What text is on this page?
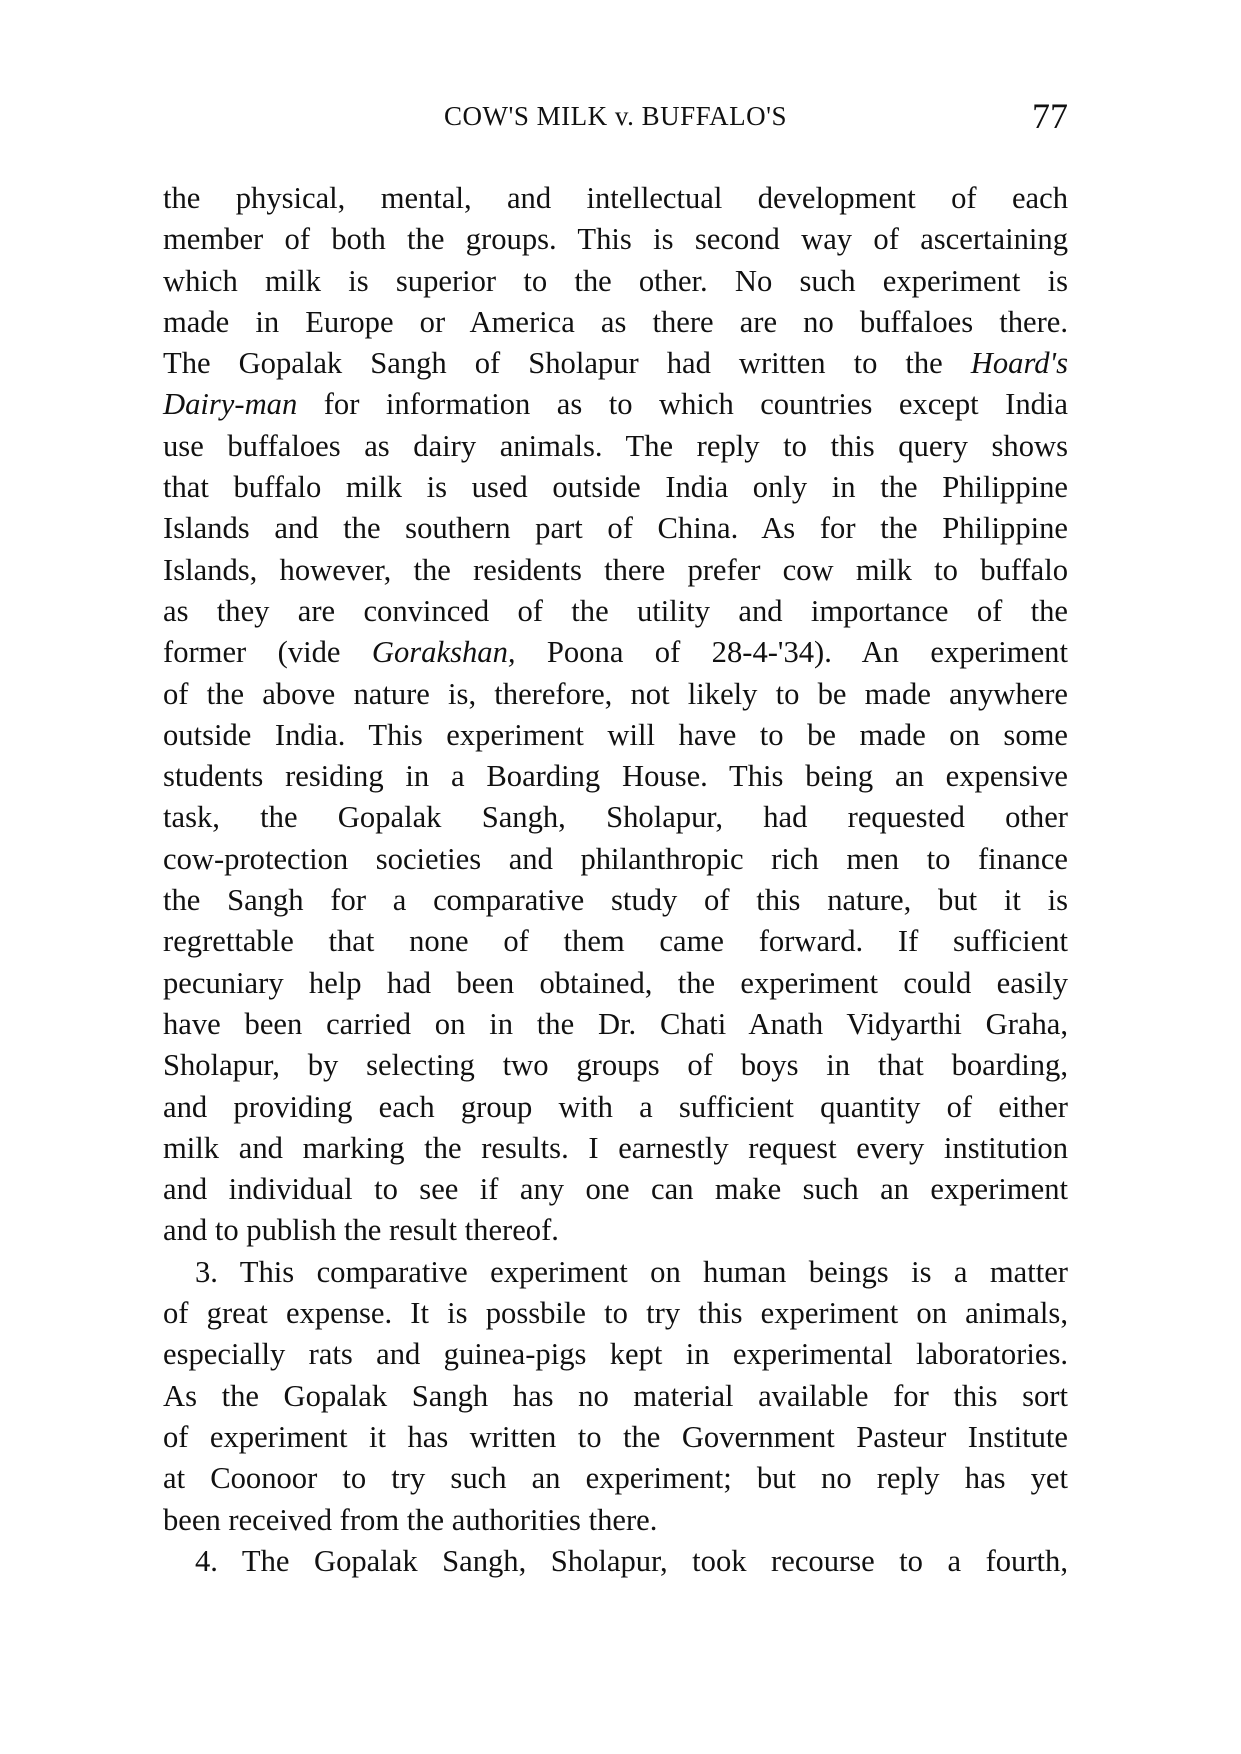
COW'S MILK v. BUFFALO'S	77
the physical, mental, and intellectual development of each
member of both the groups. This is second way of ascertaining
which milk is superior to the other. No such experiment is
made in Europe or America as there are no buffaloes there.
The Gopalak Sangh of Sholapur had written to the Hoard's
Dairy-man for information as to which countries except India
use buffaloes as dairy animals. The reply to this query shows
that buffalo milk is used outside India only in the Philippine
Islands and the southern part of China. As for the Philippine
Islands, however, the residents there prefer cow milk to buffalo
as they are convinced of the utility and importance of the
former (vide Gorakshan, Poona of 28-4-'34). An experiment
of the above nature is, therefore, not likely to be made anywhere
outside India. This experiment will have to be made on some
students residing in a Boarding House. This being an expensive
task, the Gopalak Sangh, Sholapur, had requested other
cow-protection societies and philanthropic rich men to finance
the Sangh for a comparative study of this nature, but it is
regrettable that none of them came forward. If sufficient
pecuniary help had been obtained, the experiment could easily
have been carried on in the Dr. Chati Anath Vidyarthi Graha,
Sholapur, by selecting two groups of boys in that boarding,
and providing each group with a sufficient quantity of either
milk and marking the results. I earnestly request every institution
and individual to see if any one can make such an experiment
and to publish the result thereof.
3. This comparative experiment on human beings is a matter
of great expense. It is possbile to try this experiment on animals,
especially rats and guinea-pigs kept in experimental laboratories.
As the Gopalak Sangh has no material available for this sort
of experiment it has written to the Government Pasteur Institute
at Coonoor to try such an experiment; but no reply has yet
been received from the authorities there.
4. The Gopalak Sangh, Sholapur, took recourse to a fourth,
